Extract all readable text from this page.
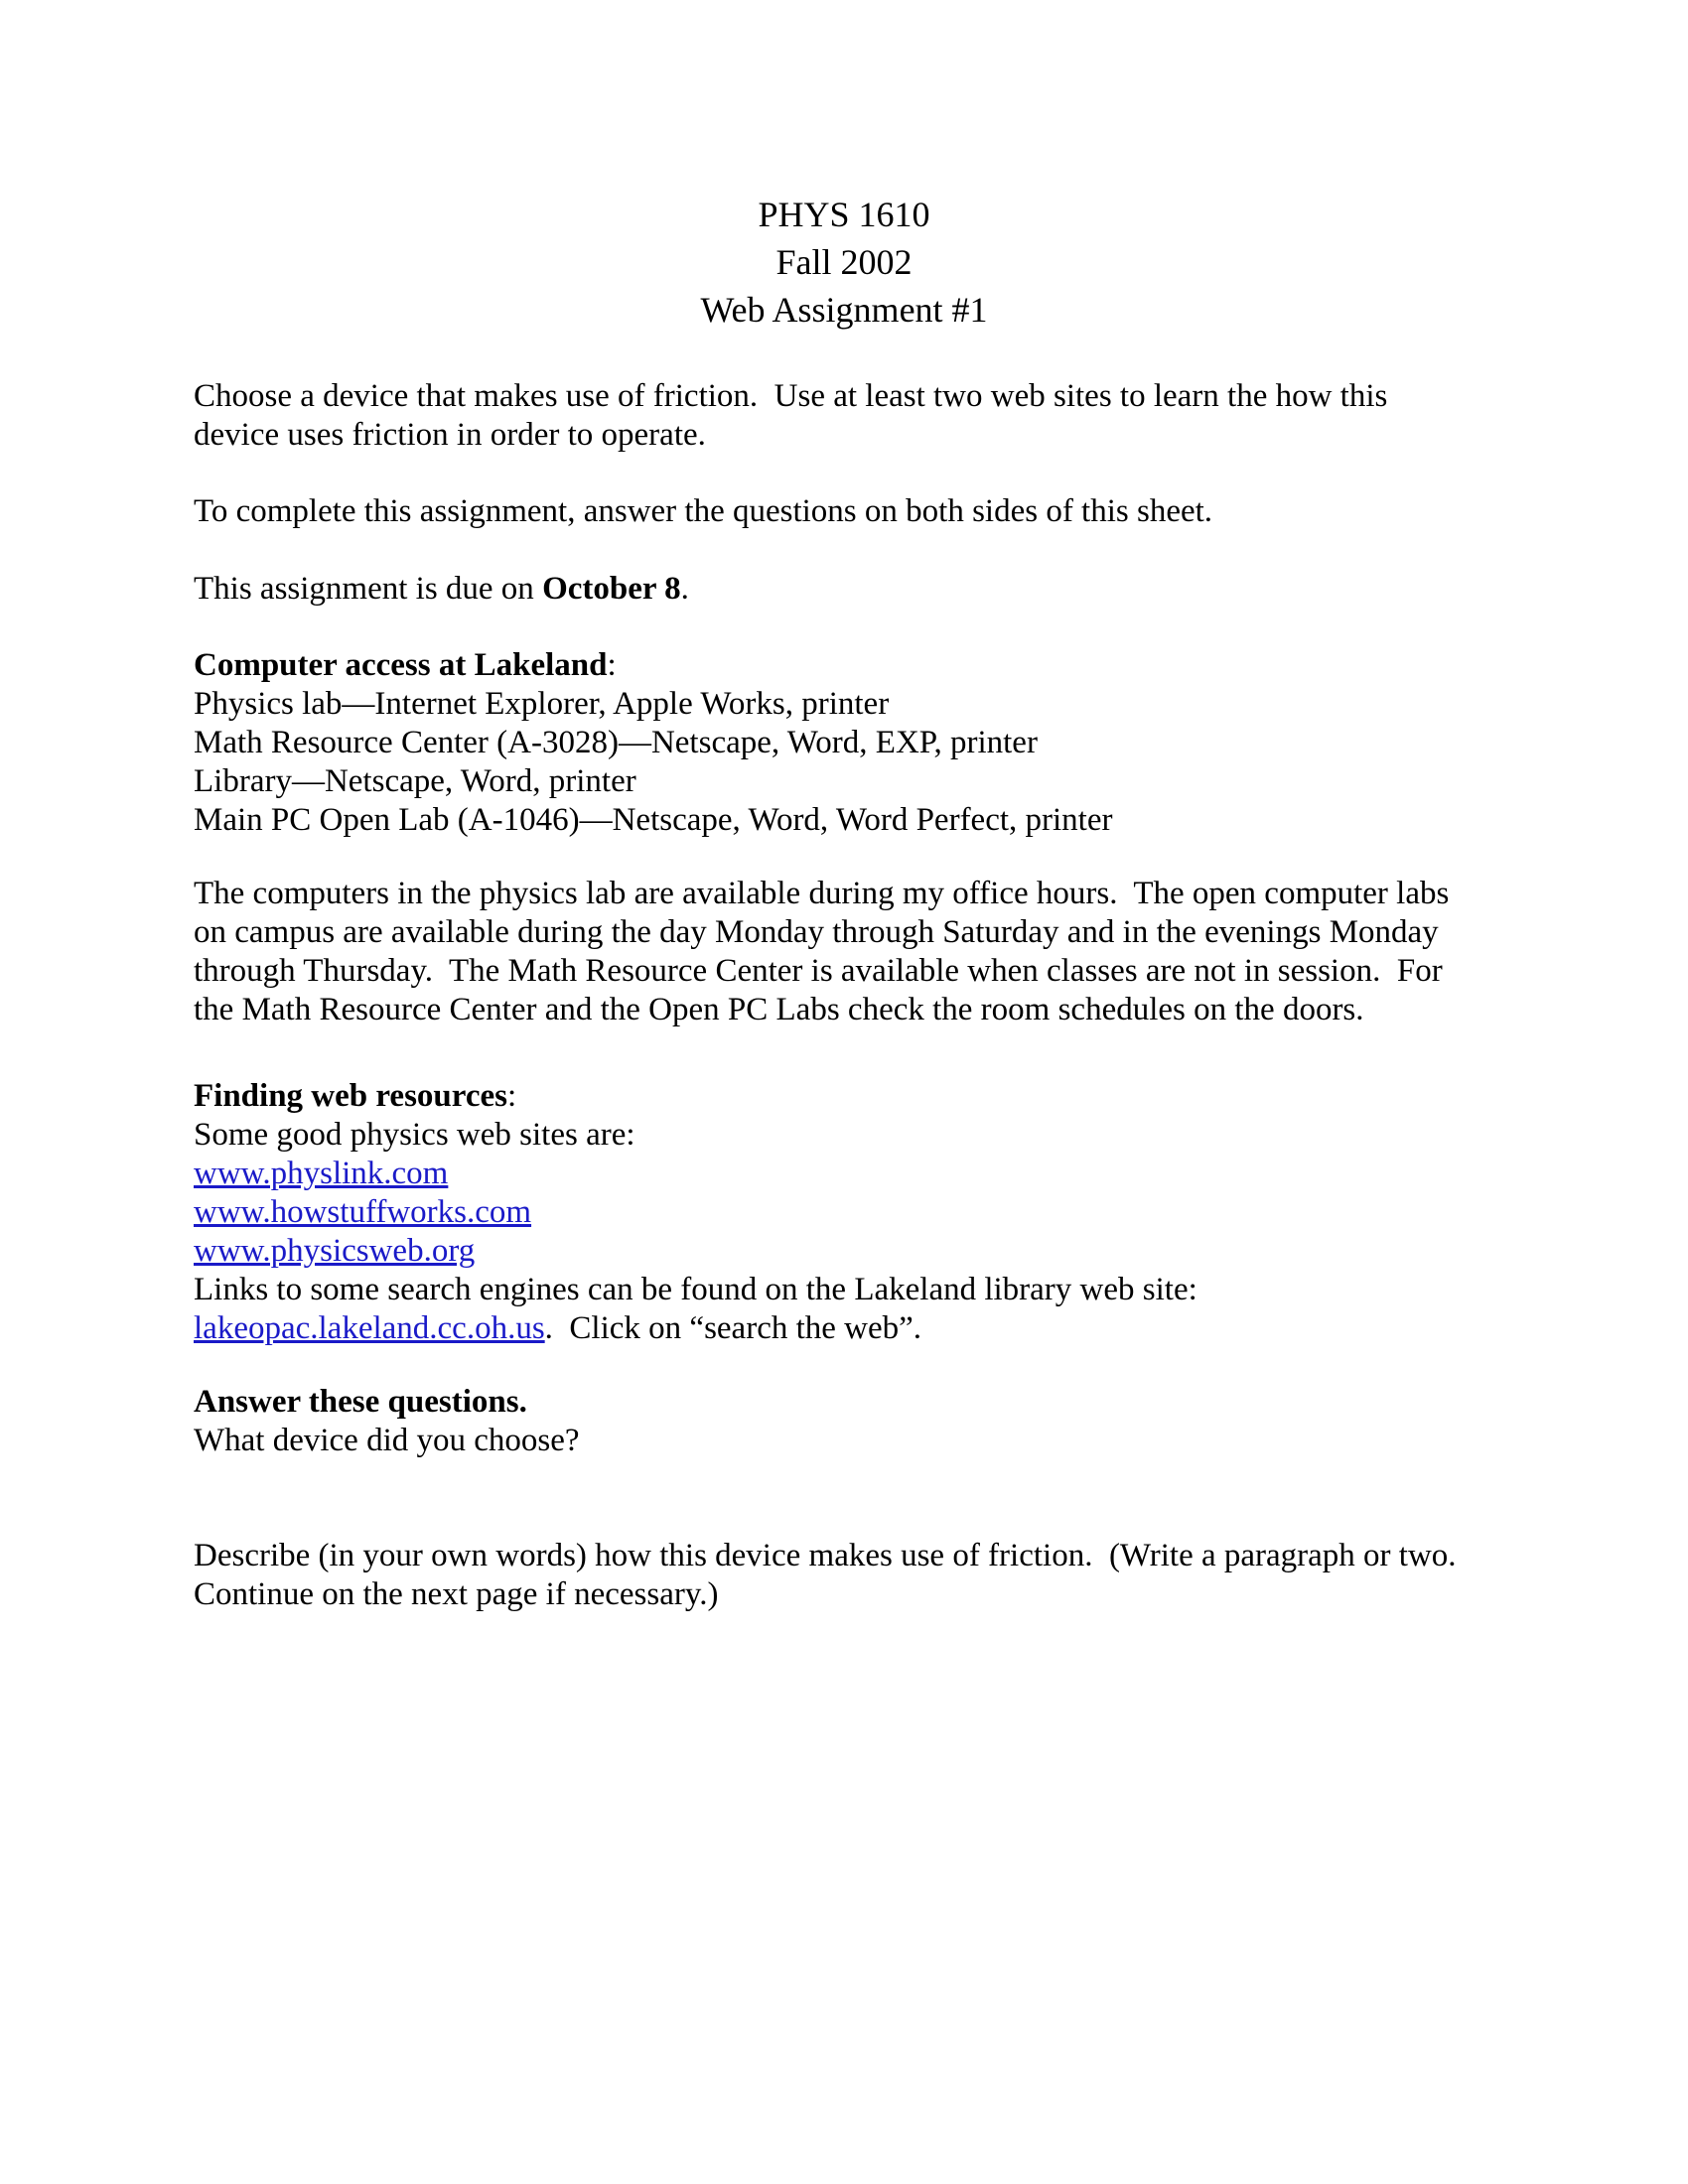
PHYS 1610
Fall 2002
Web Assignment #1
Choose a device that makes use of friction.  Use at least two web sites to learn the how this
device uses friction in order to operate.
To complete this assignment, answer the questions on both sides of this sheet.
This assignment is due on October 8.
Computer access at Lakeland:
Physics lab—Internet Explorer, Apple Works, printer
Math Resource Center (A-3028)—Netscape, Word, EXP, printer
Library—Netscape, Word, printer
Main PC Open Lab (A-1046)—Netscape, Word, Word Perfect, printer
The computers in the physics lab are available during my office hours.  The open computer labs
on campus are available during the day Monday through Saturday and in the evenings Monday
through Thursday.  The Math Resource Center is available when classes are not in session.  For
the Math Resource Center and the Open PC Labs check the room schedules on the doors.
Finding web resources:
Some good physics web sites are:
www.physlink.com
www.howstuffworks.com
www.physicsweb.org
Links to some search engines can be found on the Lakeland library web site:
lakeopac.lakeland.cc.oh.us.  Click on “search the web”.
Answer these questions.
What device did you choose?
Describe (in your own words) how this device makes use of friction.  (Write a paragraph or two.
Continue on the next page if necessary.)
